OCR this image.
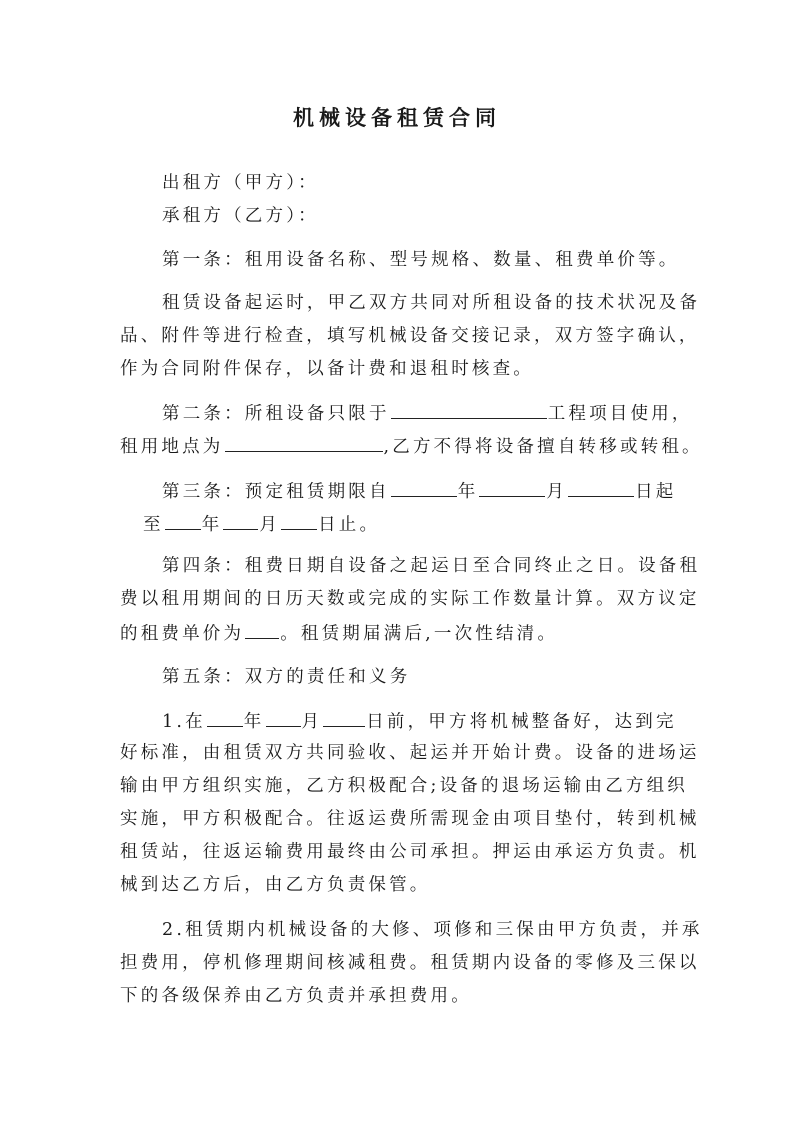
机械设备租赁合同
出租方（甲方）：
承租方（乙方）：
第一条：租用设备名称、型号规格、数量、租费单价等。
租赁设备起运时，甲乙双方共同对所租设备的技术状况及备
品、附件等进行检查，填写机械设备交接记录，双方签字确认，
作为合同附件保存，以备计费和退租时核查。
第二条：所租设备只限于	工程项目使用，
租用地点为	,乙方不得将设备擅自转移或转租。
第三条：预定租赁期限自	年	月	日起
至 年 月 日止。
第四条：租费日期自设备之起运日至合同终止之日。设备租
费以租用期间的日历天数或完成的实际工作数量计算。双方议定
的租费单价为 。租赁期届满后,一次性结清。
第五条：双方的责任和义务
1.在 年 月	日前，甲方将机械整备好，达到完
好标准，由租赁双方共同验收、起运并开始计费。设备的进场运
输由甲方组织实施，乙方积极配合;设备的退场运输由乙方组织
实施，甲方积极配合。往返运费所需现金由项目垫付，转到机械
租赁站，往返运输费用最终由公司承担。押运由承运方负责。机
械到达乙方后，由乙方负责保管。
2.租赁期内机械设备的大修、项修和三保由甲方负责，并承
担费用，停机修理期间核减租费。租赁期内设备的零修及三保以
下的各级保养由乙方负责并承担费用。
